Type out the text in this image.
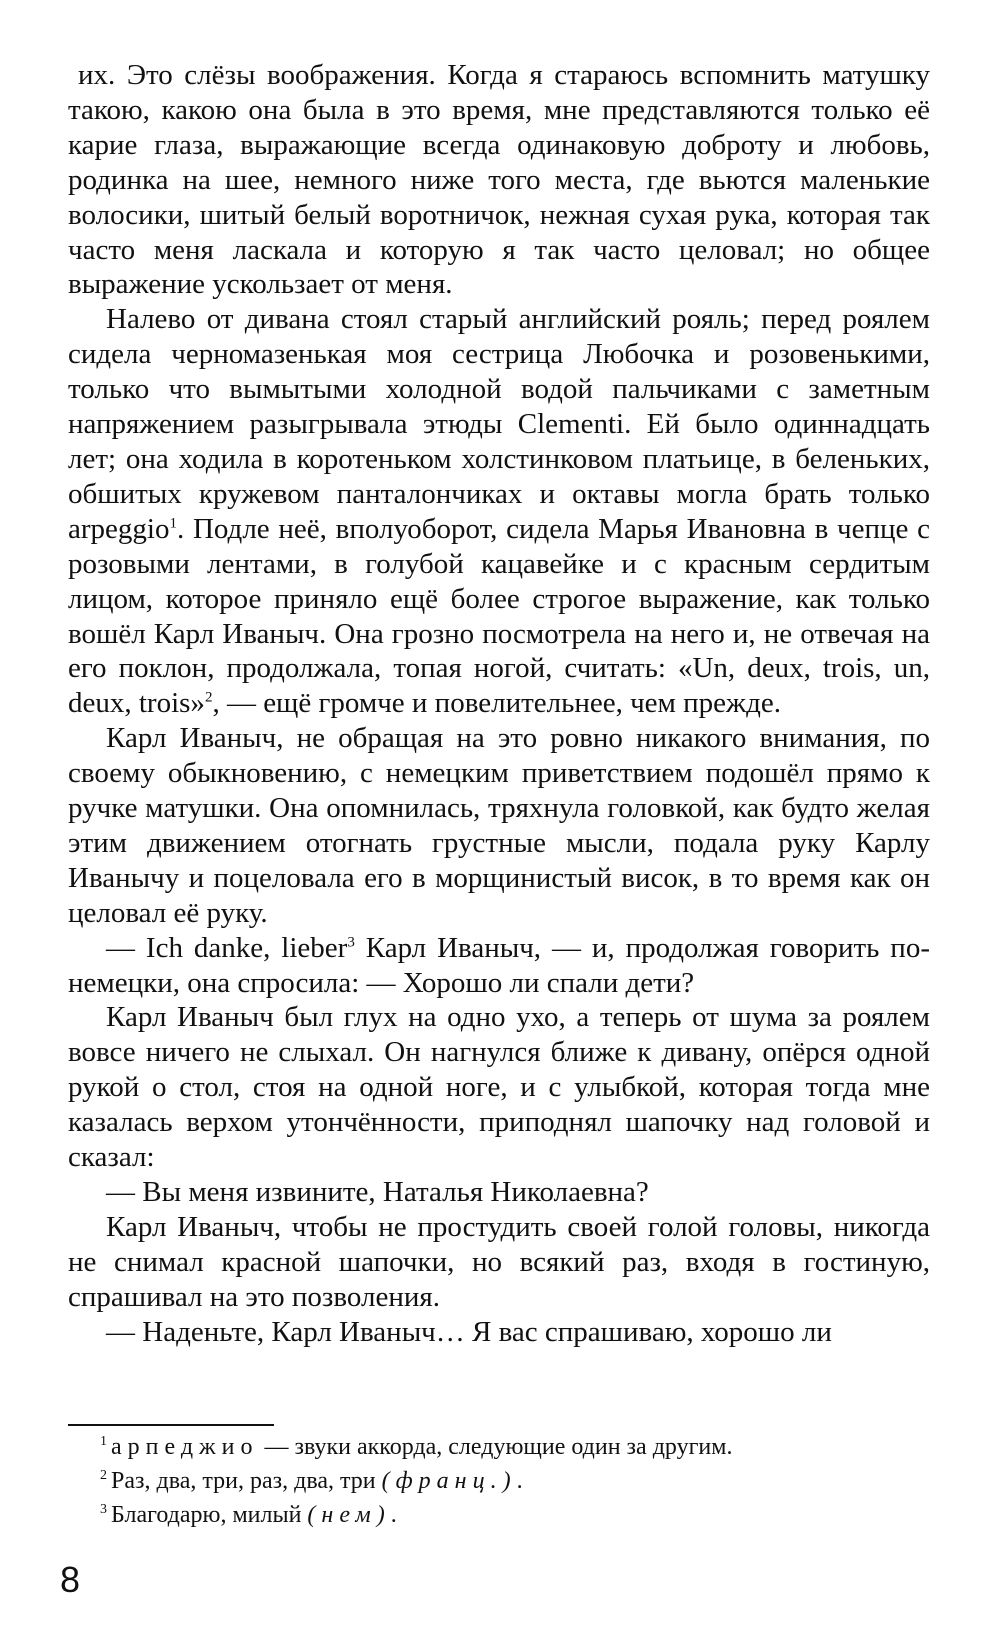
их. Это слёзы воображения. Когда я стараюсь вспомнить матушку такою, какою она была в это время, мне представляются только её карие глаза, выражающие всегда одинаковую доброту и любовь, родинка на шее, немного ниже того места, где вьются маленькие волосики, шитый белый воротничок, нежная сухая рука, которая так часто меня ласкала и которую я так часто целовал; но общее выражение ускользает от меня.

Налево от дивана стоял старый английский рояль; перед роялем сидела черномазенькая моя сестрица Любочка и розовенькими, только что вымытыми холодной водой пальчиками с заметным напряжением разыгрывала этюды Clementi. Ей было одиннадцать лет; она ходила в коротеньком холстинковом платьице, в беленьких, обшитых кружевом панталончиках и октавы могла брать только arpeggio$^1$. Подле неё, вполуоборот, сидела Марья Ивановна в чепце с розовыми лентами, в голубой кацавейке и с красным сердитым лицом, которое приняло ещё более строгое выражение, как только вошёл Карл Иваныч. Она грозно посмотрела на него и, не отвечая на его поклон, продолжала, топая ногой, считать: «Un, deux, trois, un, deux, trois»$^2$, — ещё громче и повелительнее, чем прежде.

Карл Иваныч, не обращая на это ровно никакого внимания, по своему обыкновению, с немецким приветствием подошёл прямо к ручке матушки. Она опомнилась, тряхнула головкой, как будто желая этим движением отогнать грустные мысли, подала руку Карлу Иванычу и поцеловала его в морщинистый висок, в то время как он целовал её руку.

— Ich danke, lieber$^3$ Карл Иваныч, — и, продолжая говорить по-немецки, она спросила: — Хорошо ли спали дети?

Карл Иваныч был глух на одно ухо, а теперь от шума за роялем вовсе ничего не слыхал. Он нагнулся ближе к дивану, опёрся одной рукой о стол, стоя на одной ноге, и с улыбкой, которая тогда мне казалась верхом утончённости, приподнял шапочку над головой и сказал:

— Вы меня извините, Наталья Николаевна?

Карл Иваныч, чтобы не простудить своей голой головы, никогда не снимал красной шапочки, но всякий раз, входя в гостиную, спрашивал на это позволения.

— Наденьте, Карл Иваныч… Я вас спрашиваю, хорошо ли

$^1$ арпеджио — звуки аккорда, следующие один за другим.

$^2$ Раз, два, три, раз, два, три (франц.).

$^3$ Благодарю, милый (нем).

8
